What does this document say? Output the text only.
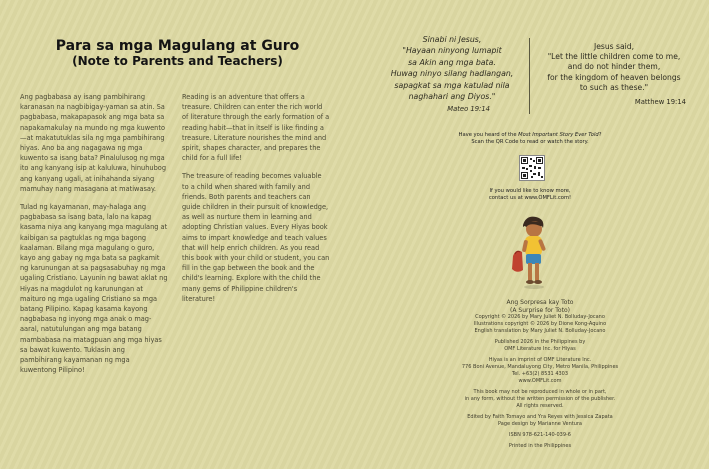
Para sa mga Magulang at Guro
(Note to Parents and Teachers)

Ang pagbabasa ay isang pambihirang karanasan na nagbibigay-yaman sa atin. Sa pagbabasa, makapapasok ang mga bata sa napakamakulay na mundo ng mga kuwento—at makatutuklas sila ng mga pambihirang hiyas. Ano ba ang nagagawa ng mga kuwento sa isang bata? Pinalulusog ng mga ito ang kanyang isip at kaluluwa, hinuhubog ang kanyang ugali, at inihahanda siyang mamuhay nang masagana at matiwasay.

Tulad ng kayamanan, may-halaga ang pagbabasa sa isang bata, lalo na kapag kasama niya ang kanyang mga magulang at kaibigan sa pagtuklas ng mga bagong kaalaman. Bilang mga magulang o guro, kayo ang gabay ng mga bata sa pagkamit ng karunungan at sa pagsasabuhay ng mga ugaling Cristiano. Layunin ng bawat aklat ng Hiyas na magdulot ng karunungan at maituro ng mga ugaling Cristiano sa mga batang Pilipino. Kapag kasama kayong nagbabasa ng inyong mga anak o mag-aaral, natutulungan ang mga batang mambabasa na matagpuan ang mga hiyas sa bawat kuwento. Tuklasin ang pambihirang kayamanan ng mga kuwentong Pilipino!

Reading is an adventure that offers a treasure. Children can enter the rich world of literature through the early formation of a reading habit—that in itself is like finding a treasure. Literature nourishes the mind and spirit, shapes character, and prepares the child for a full life!

The treasure of reading becomes valuable to a child when shared with family and friends. Both parents and teachers can guide children in their pursuit of knowledge, as well as nurture them in learning and adopting Christian values. Every Hiyas book aims to impart knowledge and teach values that will help enrich children. As you read this book with your child or student, you can fill in the gap between the book and the child's learning. Explore with the child the many gems of Philippine children's literature!

Sinabi ni Jesus,
"Hayaan ninyong lumapit
sa Akin ang mga bata.
Huwag ninyo silang hadlangan,
sapagkat sa mga katulad nila
naghahari ang Diyos."
Mateo 19:14
Jesus said,
"Let the little children come to me,
and do not hinder them,
for the kingdom of heaven belongs
to such as these."
Matthew 19:14
Have you heard of the Most Important Story Ever Told?
Scan the QR Code to read or watch the story.
If you would like to know more,
contact us at www.OMFLit.com!
Ang Sorpresa kay Toto
(A Surprise for Toto)
Copyright © 2026 by Mary Juliet N. Bolluday-Jocano
Illustrations copyright © 2026 by Dione Kong-Aquino
English translation by Mary Juliet N. Bolluday-Jocano
Published 2026 in the Philippines by
OMF Literature Inc. for Hiyas
Hiyas is an imprint of OMF Literature Inc.
776 Boni Avenue, Mandaluyong City, Metro Manila, Philippines
Tel. +63(2) 8531 4303
www.OMFLit.com
This book may not be reproduced in whole or in part,
in any form, without the written permission of the publisher.
All rights reserved.
Edited by Faith Tomayo and Yra Reyes with Jessica Zapata
Page design by Marianne Ventura
ISBN 978-621-140-039-6
Printed in the Philippines
